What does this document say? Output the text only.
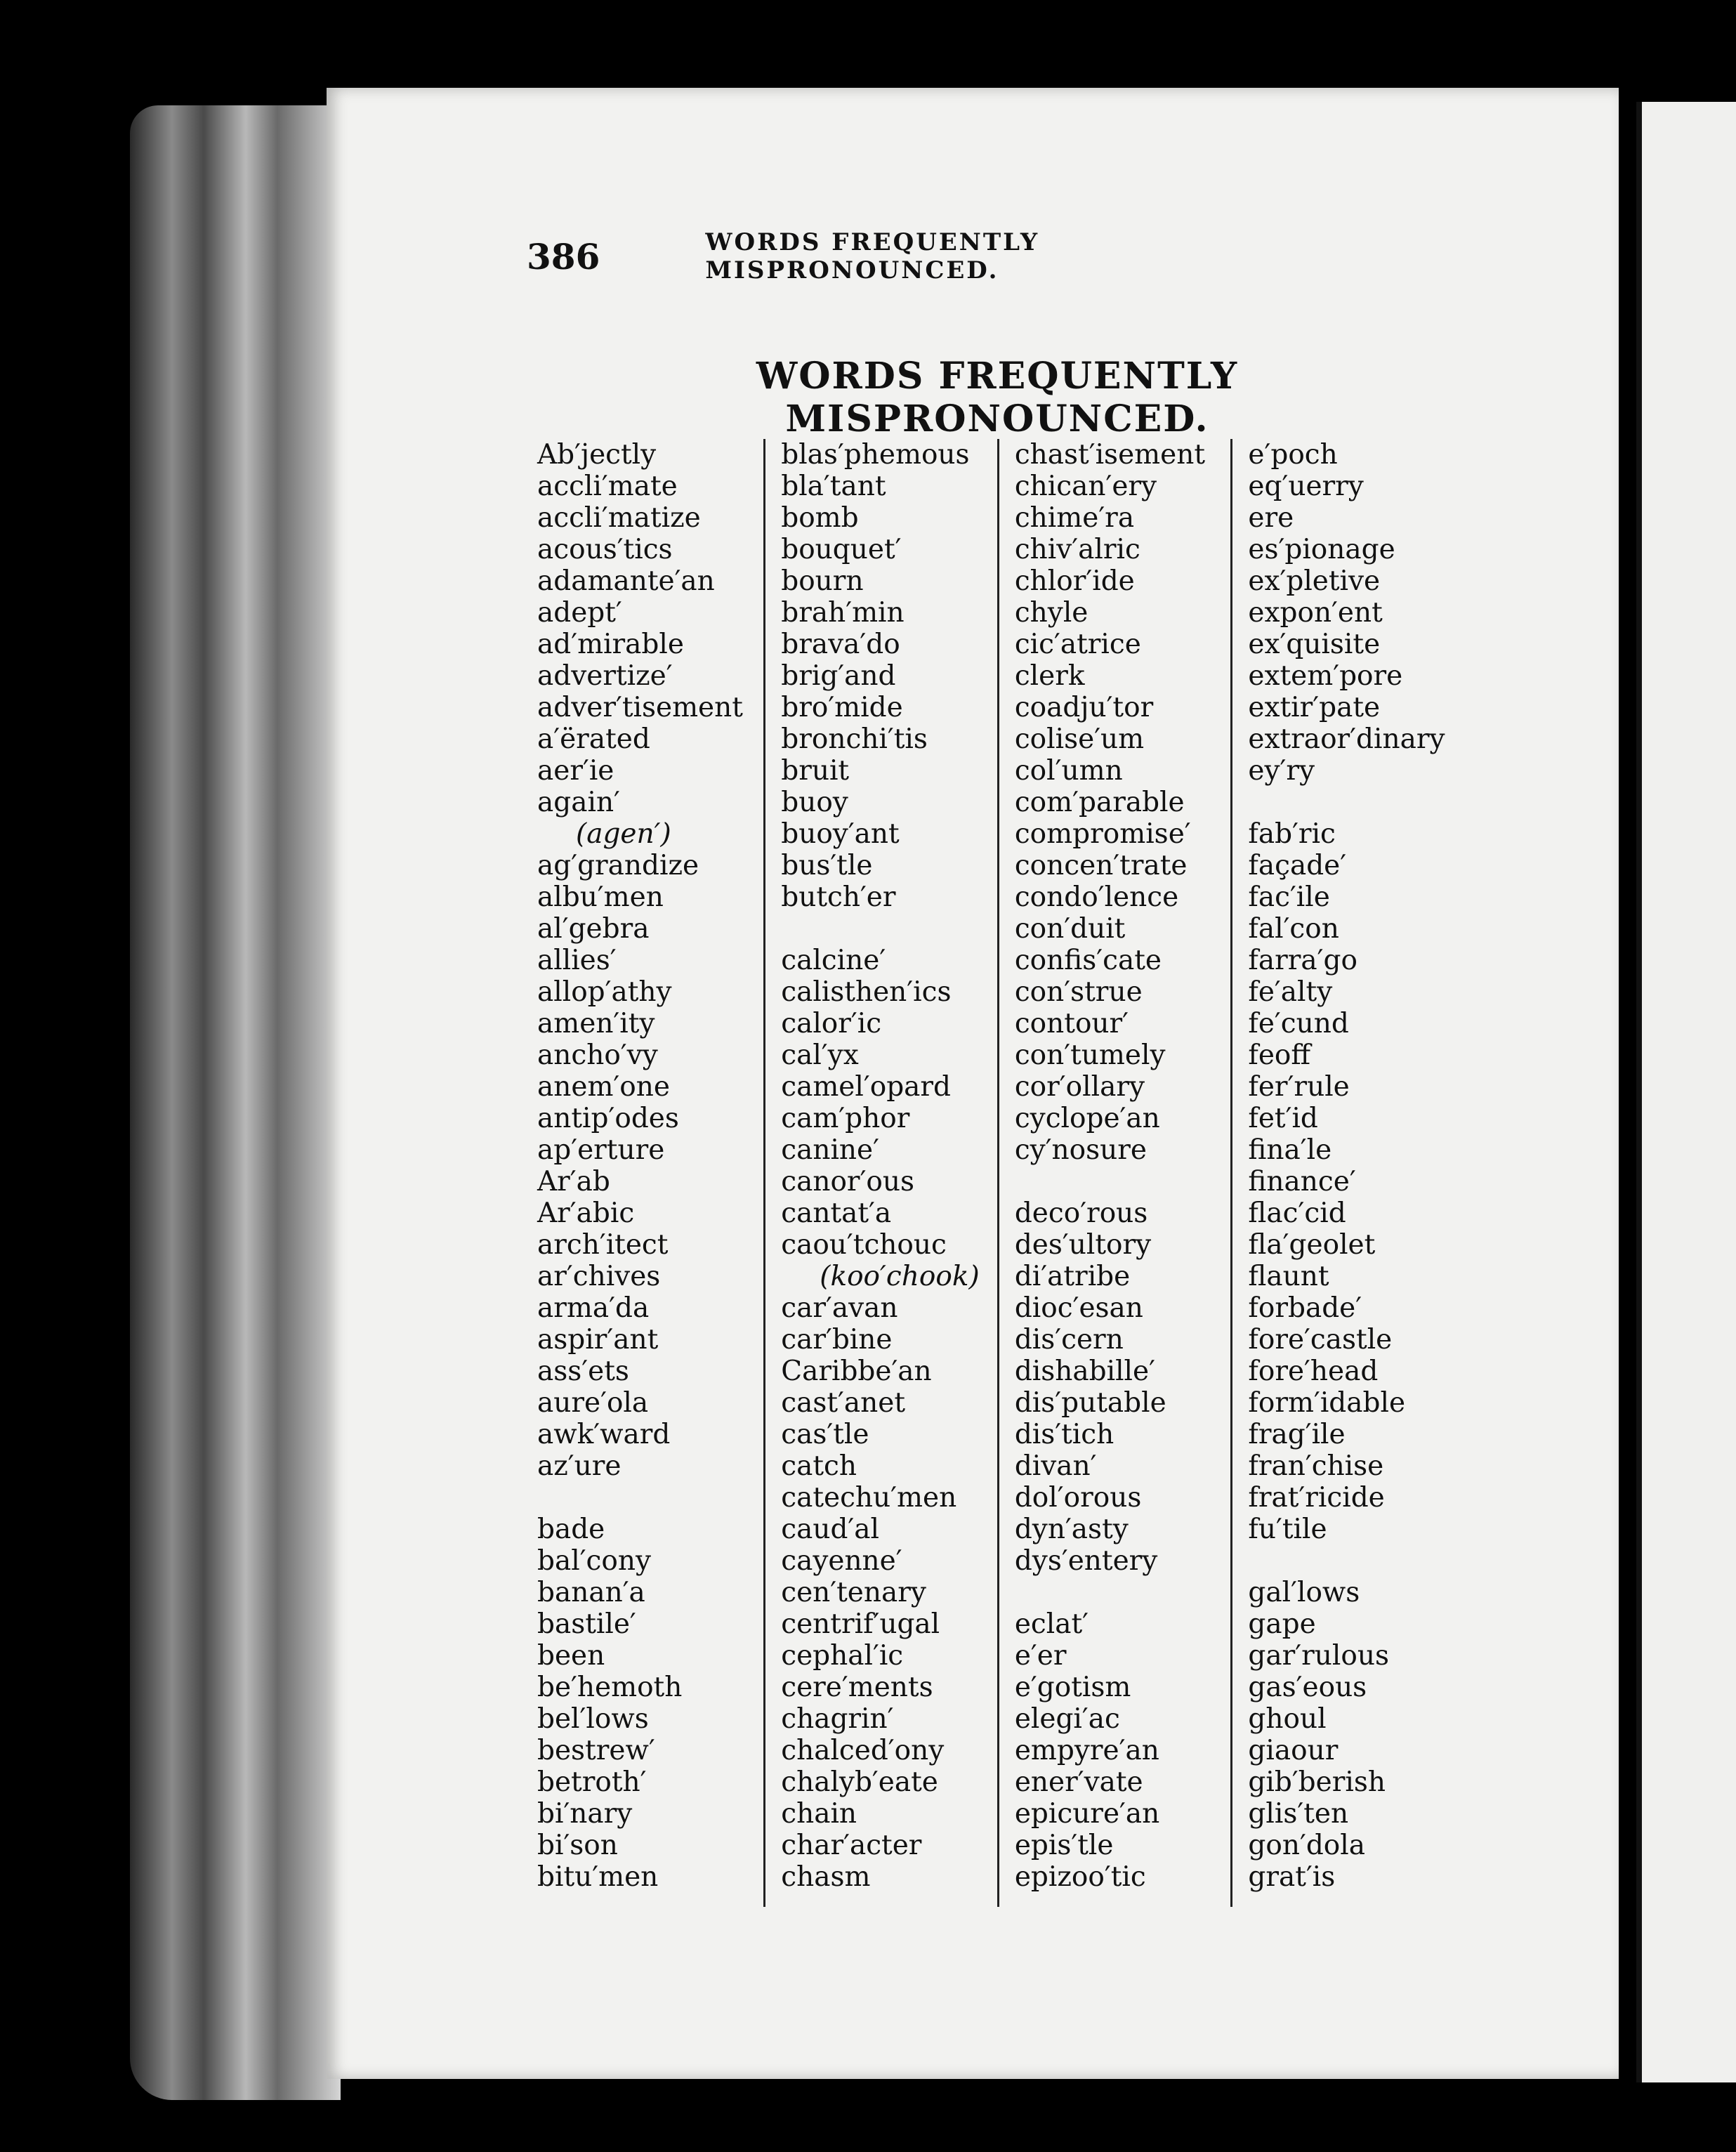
386	WORDS FREQUENTLY MISPRONOUNCED.
WORDS FREQUENTLY MISPRONOUNCED.
Ab′jectly
accli′mate
accli′matize
acous′tics
adamante′an
adept′
ad′mirable
advertize′
adver′tisement
a′ërated
aer′ie
again′
(agen′)
ag′grandize
albu′men
al′gebra
allies′
allop′athy
amen′ity
ancho′vy
anem′one
antip′odes
ap′erture
Ar′ab
Ar′abic
arch′itect
ar′chives
arma′da
aspir′ant
ass′ets
aure′ola
awk′ward
az′ure
bade
bal′cony
banan′a
bastile′
been
be′hemoth
bel′lows
bestrew′
betroth′
bi′nary
bi′son
bitu′men
blas′phemous
bla′tant
bomb
bouquet′
bourn
brah′min
brava′do
brig′and
bro′mide
bronchi′tis
bruit
buoy
buoy′ant
bus′tle
butch′er
calcine′
calisthen′ics
calor′ic
cal′yx
camel′opard
cam′phor
canine′
canor′ous
cantat′a
caou′tchouc
(koo′chook)
car′avan
car′bine
Caribbe′an
cast′anet
cas′tle
catch
catechu′men
caud′al
cayenne′
cen′tenary
centrif′ugal
cephal′ic
cere′ments
chagrin′
chalced′ony
chalyb′eate
chain
char′acter
chasm
chast′isement
chican′ery
chime′ra
chiv′alric
chlor′ide
chyle
cic′atrice
clerk
coadju′tor
colise′um
col′umn
com′parable
compromise′
concen′trate
condo′lence
con′duit
confis′cate
con′strue
contour′
con′tumely
cor′ollary
cyclope′an
cy′nosure
deco′rous
des′ultory
di′atribe
dioc′esan
dis′cern
dishabille′
dis′putable
dis′tich
divan′
dol′orous
dyn′asty
dys′entery
eclat′
e′er
e′gotism
elegi′ac
empyre′an
ener′vate
epicure′an
epis′tle
epizoo′tic
e′poch
eq′uerry
ere
es′pionage
ex′pletive
expon′ent
ex′quisite
extem′pore
extir′pate
extraor′dinary
ey′ry
fab′ric
façade′
fac′ile
fal′con
farra′go
fe′alty
fe′cund
feoff
fer′rule
fet′id
fina′le
finance′
flac′cid
fla′geolet
flaunt
forbade′
fore′castle
fore′head
form′idable
frag′ile
fran′chise
frat′ricide
fu′tile
gal′lows
gape
gar′rulous
gas′eous
ghoul
giaour
gib′berish
glis′ten
gon′dola
grat′is
